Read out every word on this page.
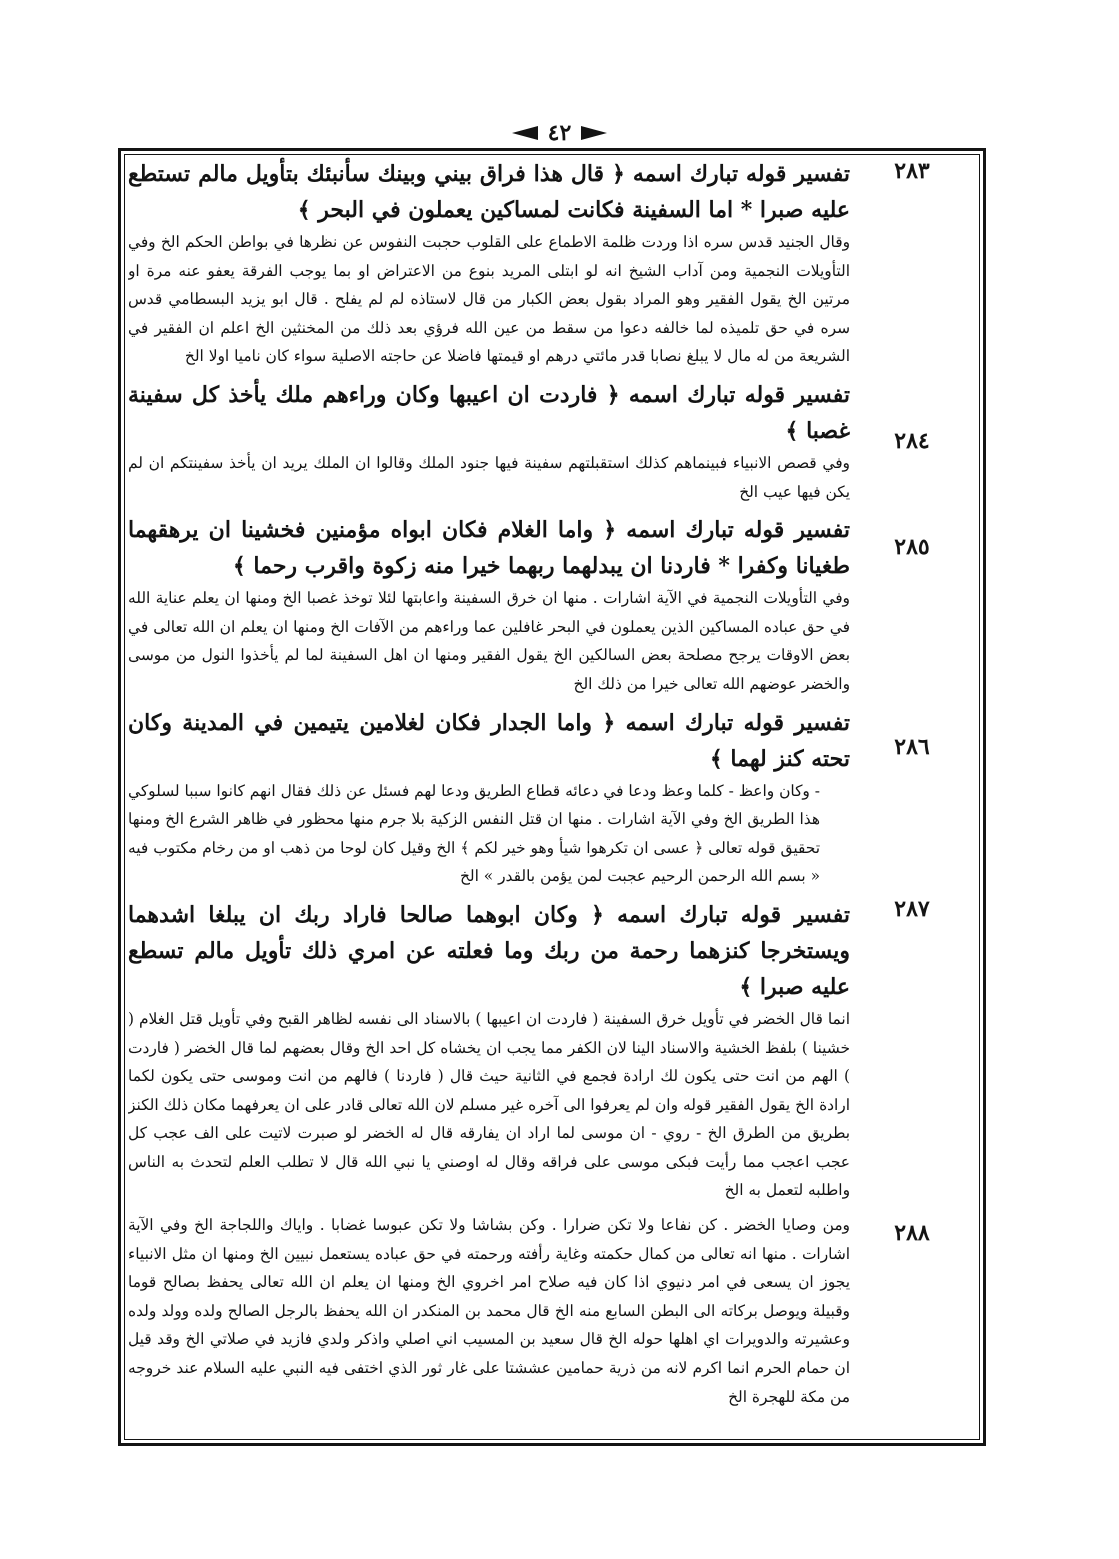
٤٢
٢٨٣
٢٨٤
٢٨٥
٢٨٦
٢٨٧
٢٨٨

تفسير قوله تبارك اسمه ﴿ قال هذا فراق بيني وبينك سأنبئك بتأويل مالم تستطع عليه صبرا * اما السفينة فكانت لمساكين يعملون في البحر ﴾

وقال الجنيد قدس سره اذا وردت ظلمة الاطماع على القلوب حجبت النفوس عن نظرها في بواطن الحكم الخ وفي التأويلات النجمية ومن آداب الشيخ انه لو ابتلى المريد بنوع من الاعتراض او بما يوجب الفرقة يعفو عنه مرة او مرتين الخ يقول الفقير وهو المراد بقول بعض الكبار من قال لاستاذه لم لم يفلح . قال ابو يزيد البسطامي قدس سره في حق تلميذه لما خالفه دعوا من سقط من عين الله فرؤي بعد ذلك من المخنثين الخ اعلم ان الفقير في الشريعة من له مال لا يبلغ نصابا قدر مائتي درهم او قيمتها فاضلا عن حاجته الاصلية سواء كان ناميا اولا الخ

تفسير قوله تبارك اسمه ﴿ فاردت ان اعيبها وكان وراءهم ملك يأخذ كل سفينة غصبا ﴾

وفي قصص الانبياء فبينماهم كذلك استقبلتهم سفينة فيها جنود الملك وقالوا ان الملك يريد ان يأخذ سفينتكم ان لم يكن فيها عيب الخ

تفسير قوله تبارك اسمه ﴿ واما الغلام فكان ابواه مؤمنين فخشينا ان يرهقهما طغيانا وكفرا * فاردنا ان يبدلهما ربهما خيرا منه زكوة واقرب رحما ﴾

وفي التأويلات النجمية في الآية اشارات . منها ان خرق السفينة واعابتها لئلا توخذ غصبا الخ ومنها ان يعلم عناية الله في حق عباده المساكين الذين يعملون في البحر غافلين عما وراءهم من الآفات الخ ومنها ان يعلم ان الله تعالى في بعض الاوقات يرجح مصلحة بعض السالكين الخ يقول الفقير ومنها ان اهل السفينة لما لم يأخذوا النول من موسى والخضر عوضهم الله تعالى خيرا من ذلك الخ

تفسير قوله تبارك اسمه ﴿ واما الجدار فكان لغلامين يتيمين في المدينة وكان تحته كنز لهما ﴾

- وكان واعظ - كلما وعظ ودعا في دعائه قطاع الطريق ودعا لهم فسئل عن ذلك فقال انهم كانوا سببا لسلوكي هذا الطريق الخ وفي الآية اشارات . منها ان قتل النفس الزكية بلا جرم منها محظور في ظاهر الشرع الخ ومنها تحقيق قوله تعالى ﴿ عسى ان تكرهوا شيأ وهو خير لكم ﴾ الخ وقيل كان لوحا من ذهب او من رخام مكتوب فيه « بسم الله الرحمن الرحيم عجبت لمن يؤمن بالقدر » الخ

تفسير قوله تبارك اسمه ﴿ وكان ابوهما صالحا فاراد ربك ان يبلغا اشدهما ويستخرجا كنزهما رحمة من ربك وما فعلته عن امري ذلك تأويل مالم تسطع عليه صبرا ﴾

انما قال الخضر في تأويل خرق السفينة ( فاردت ان اعيبها ) بالاسناد الى نفسه لظاهر القبح وفي تأويل قتل الغلام ( خشينا ) بلفظ الخشية والاسناد الينا لان الكفر مما يجب ان يخشاه كل احد الخ وقال بعضهم لما قال الخضر ( فاردت ) الهم من انت حتى يكون لك ارادة فجمع في الثانية حيث قال ( فاردنا ) فالهم من انت وموسى حتى يكون لكما ارادة الخ يقول الفقير قوله وان لم يعرفوا الى آخره غير مسلم لان الله تعالى قادر على ان يعرفهما مكان ذلك الكنز بطريق من الطرق الخ - روي - ان موسى لما اراد ان يفارقه قال له الخضر لو صبرت لاتيت على الف عجب كل عجب اعجب مما رأيت فبكى موسى على فراقه وقال له اوصني يا نبي الله قال لا تطلب العلم لتحدث به الناس واطلبه لتعمل به الخ

ومن وصايا الخضر . كن نفاعا ولا تكن ضرارا . وكن بشاشا ولا تكن عبوسا غضابا . واياك واللجاجة الخ وفي الآية اشارات . منها انه تعالى من كمال حكمته وغاية رأفته ورحمته في حق عباده يستعمل نبيين الخ ومنها ان مثل الانبياء يجوز ان يسعى في امر دنيوي اذا كان فيه صلاح امر اخروي الخ ومنها ان يعلم ان الله تعالى يحفظ بصالح قوما وقبيلة ويوصل بركاته الى البطن السابع منه الخ قال محمد بن المنكدر ان الله يحفظ بالرجل الصالح ولده وولد ولده وعشيرته والدويرات اي اهلها حوله الخ قال سعيد بن المسيب اني اصلي واذكر ولدي فازيد في صلاتي الخ وقد قيل ان حمام الحرم انما اكرم لانه من ذرية حمامين عششتا على غار ثور الذي اختفى فيه النبي عليه السلام عند خروجه من مكة للهجرة الخ
